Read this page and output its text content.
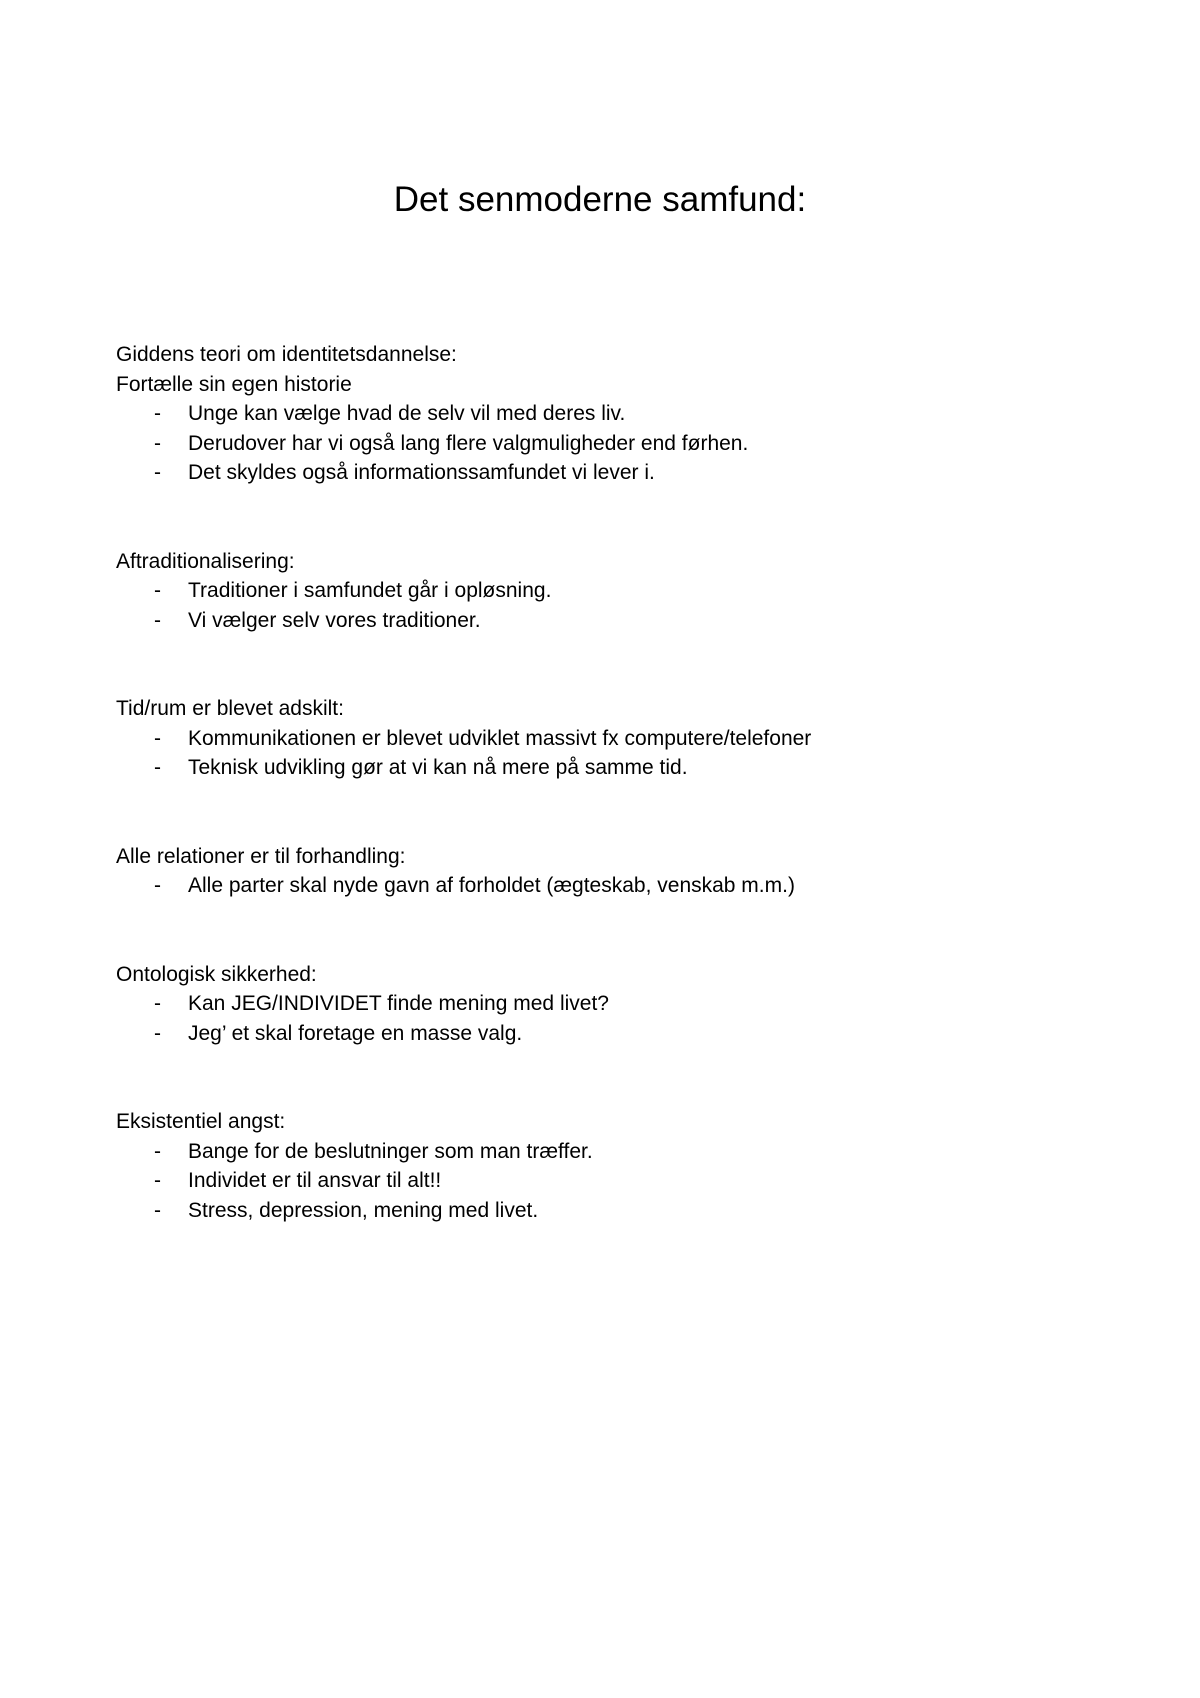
Det senmoderne samfund:

Giddens teori om identitetsdannelse:

Fortælle sin egen historie

- Unge kan vælge hvad de selv vil med deres liv.
- Derudover har vi også lang flere valgmuligheder end førhen.
- Det skyldes også informationssamfundet vi lever i.

Aftraditionalisering:

- Traditioner i samfundet går i opløsning.
- Vi vælger selv vores traditioner.

Tid/rum er blevet adskilt:

- Kommunikationen er blevet udviklet massivt fx computere/telefoner
- Teknisk udvikling gør at vi kan nå mere på samme tid.

Alle relationer er til forhandling:

- Alle parter skal nyde gavn af forholdet (ægteskab, venskab m.m.)

Ontologisk sikkerhed:

- Kan JEG/INDIVIDET finde mening med livet?
- Jeg’ et skal foretage en masse valg.

Eksistentiel angst:

- Bange for de beslutninger som man træffer.
- Individet er til ansvar til alt!!
- Stress, depression, mening med livet.
